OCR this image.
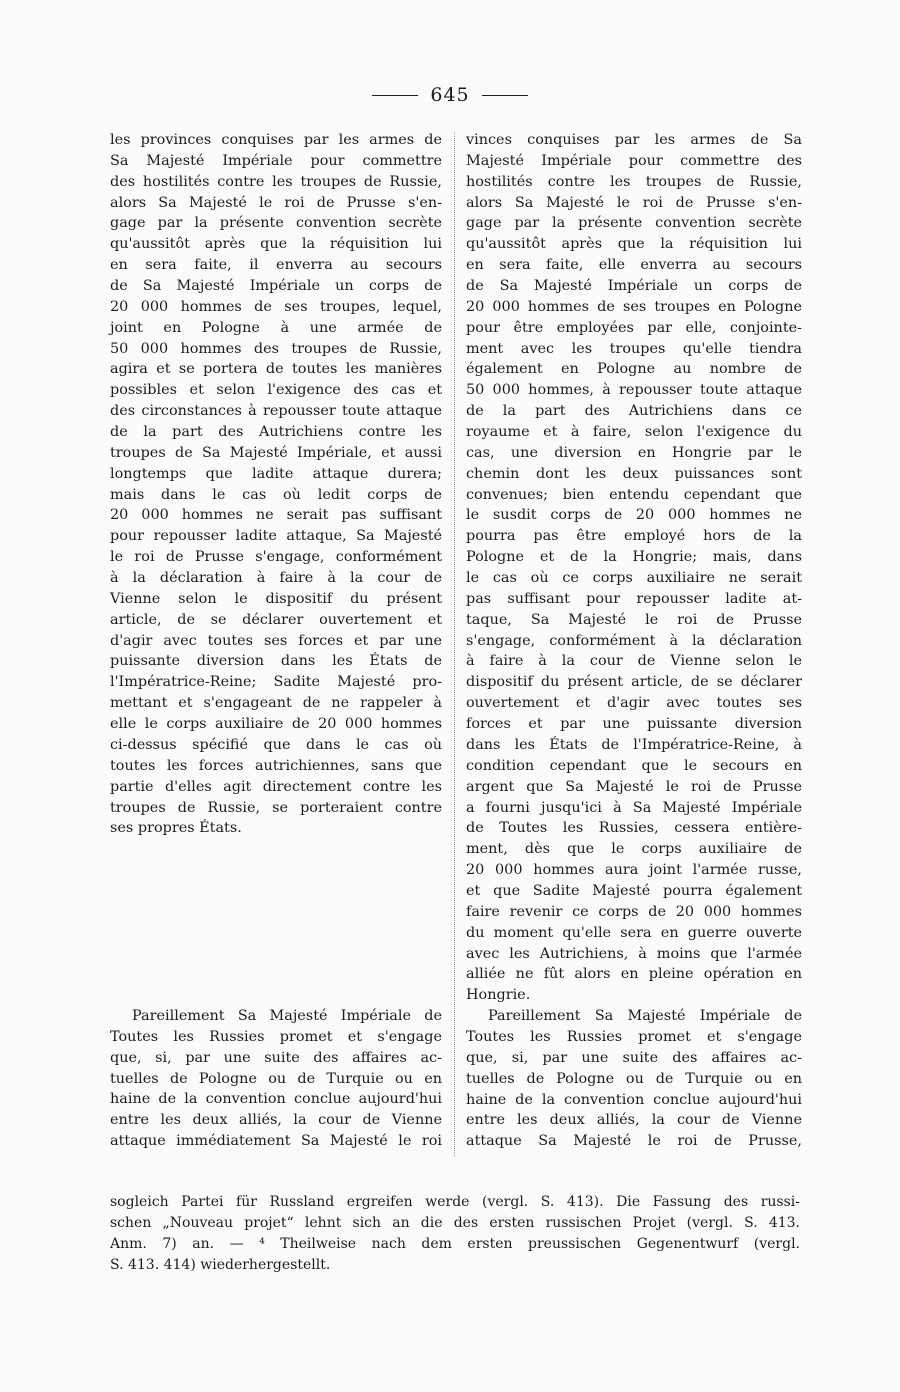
645
les provinces conquises par les armes de
Sa Majesté Impériale pour commettre
des hostilités contre les troupes de Russie,
alors Sa Majesté le roi de Prusse s'en-
gage par la présente convention secrète
qu'aussitôt après que la réquisition lui
en sera faite, il enverra au secours
de Sa Majesté Impériale un corps de
20 000 hommes de ses troupes, lequel,
joint en Pologne à une armée de
50 000 hommes des troupes de Russie,
agira et se portera de toutes les manières
possibles et selon l'exigence des cas et
des circonstances à repousser toute attaque
de la part des Autrichiens contre les
troupes de Sa Majesté Impériale, et aussi
longtemps que ladite attaque durera;
mais dans le cas où ledit corps de
20 000 hommes ne serait pas suffisant
pour repousser ladite attaque, Sa Majesté
le roi de Prusse s'engage, conformément
à la déclaration à faire à la cour de
Vienne selon le dispositif du présent
article, de se déclarer ouvertement et
d'agir avec toutes ses forces et par une
puissante diversion dans les États de
l'Impératrice-Reine; Sadite Majesté pro-
mettant et s'engageant de ne rappeler à
elle le corps auxiliaire de 20 000 hommes
ci-dessus spécifié que dans le cas où
toutes les forces autrichiennes, sans que
partie d'elles agit directement contre les
troupes de Russie, se porteraient contre
ses propres États.
Pareillement Sa Majesté Impériale de
Toutes les Russies promet et s'engage
que, si, par une suite des affaires ac-
tuelles de Pologne ou de Turquie ou en
haine de la convention conclue aujourd'hui
entre les deux alliés, la cour de Vienne
attaque immédiatement Sa Majesté le roi
vinces conquises par les armes de Sa
Majesté Impériale pour commettre des
hostilités contre les troupes de Russie,
alors Sa Majesté le roi de Prusse s'en-
gage par la présente convention secrète
qu'aussitôt après que la réquisition lui
en sera faite, elle enverra au secours
de Sa Majesté Impériale un corps de
20 000 hommes de ses troupes en Pologne
pour être employées par elle, conjointe-
ment avec les troupes qu'elle tiendra
également en Pologne au nombre de
50 000 hommes, à repousser toute attaque
de la part des Autrichiens dans ce
royaume et à faire, selon l'exigence du
cas, une diversion en Hongrie par le
chemin dont les deux puissances sont
convenues; bien entendu cependant que
le susdit corps de 20 000 hommes ne
pourra pas être employé hors de la
Pologne et de la Hongrie; mais, dans
le cas où ce corps auxiliaire ne serait
pas suffisant pour repousser ladite at-
taque, Sa Majesté le roi de Prusse
s'engage, conformément à la déclaration
à faire à la cour de Vienne selon le
dispositif du présent article, de se déclarer
ouvertement et d'agir avec toutes ses
forces et par une puissante diversion
dans les États de l'Impératrice-Reine, à
condition cependant que le secours en
argent que Sa Majesté le roi de Prusse
a fourni jusqu'ici à Sa Majesté Impériale
de Toutes les Russies, cessera entière-
ment, dès que le corps auxiliaire de
20 000 hommes aura joint l'armée russe,
et que Sadite Majesté pourra également
faire revenir ce corps de 20 000 hommes
du moment qu'elle sera en guerre ouverte
avec les Autrichiens, à moins que l'armée
alliée ne fût alors en pleine opération en
Hongrie.
Pareillement Sa Majesté Impériale de
Toutes les Russies promet et s'engage
que, si, par une suite des affaires ac-
tuelles de Pologne ou de Turquie ou en
haine de la convention conclue aujourd'hui
entre les deux alliés, la cour de Vienne
attaque Sa Majesté le roi de Prusse,
sogleich Partei für Russland ergreifen werde (vergl. S. 413). Die Fassung des russi-
schen „Nouveau projet“ lehnt sich an die des ersten russischen Projet (vergl. S. 413.
Anm. 7) an. — ⁴ Theilweise nach dem ersten preussischen Gegenentwurf (vergl.
S. 413. 414) wiederhergestellt.
